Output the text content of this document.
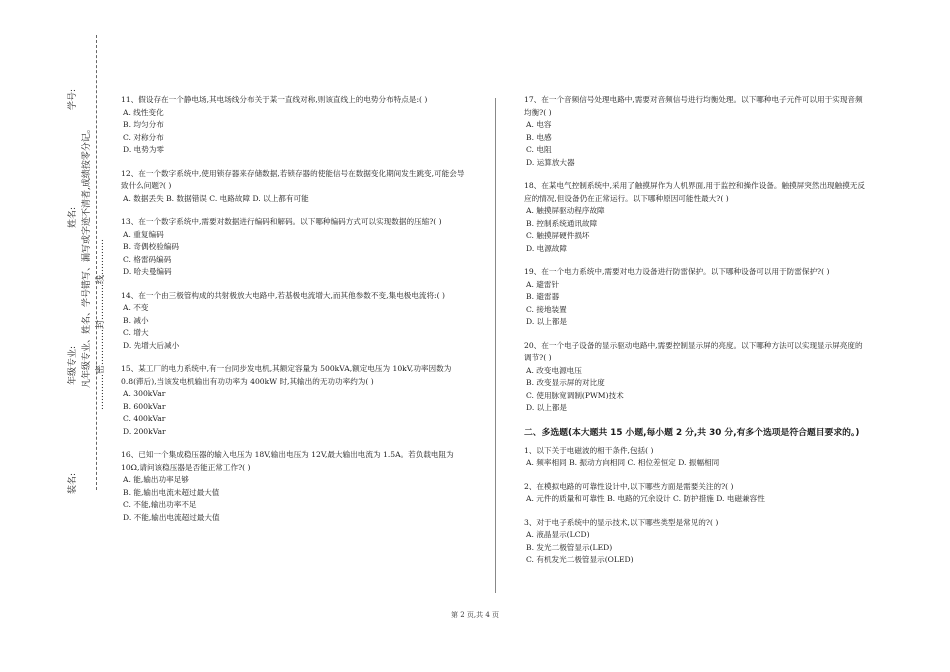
学号:
姓名:
年级专业:
装名:
凡年级专业、姓名、学号错写、漏写或字迹不清者,成绩按零分记。 …………密…………封…………线…………
11、假设存在一个静电场,其电场线分布关于某一直线对称,则该直线上的电势分布特点是:( )
A. 线性变化
B. 均匀分布
C. 对称分布
D. 电势为零
12、在一个数字系统中,使用锁存器来存储数据,若锁存器的使能信号在数据变化期间发生跳变,可能会导致什么问题?( )
A. 数据丢失 B. 数据错误 C. 电路故障 D. 以上都有可能
13、在一个数字系统中,需要对数据进行编码和解码。以下哪种编码方式可以实现数据的压缩?( )
A. 重复编码
B. 奇偶校验编码
C. 格雷码编码
D. 哈夫曼编码
14、在一个由三极管构成的共射极放大电路中,若基极电流增大,而其他参数不变,集电极电流将:( )
A. 不变
B. 减小
C. 增大
D. 先增大后减小
15、某工厂的电力系统中,有一台同步发电机,其额定容量为 500kVA,额定电压为 10kV,功率因数为 0.8(滞后),当该发电机输出有功功率为 400kW 时,其输出的无功功率约为( )
A. 300kVar
B. 600kVar
C. 400kVar
D. 200kVar
16、已知一个集成稳压器的输入电压为 18V,输出电压为 12V,最大输出电流为 1.5A。若负载电阻为 10Ω,请问该稳压器是否能正常工作?( )
A. 能,输出功率足够
B. 能,输出电流未超过最大值
C. 不能,输出功率不足
D. 不能,输出电流超过最大值
17、在一个音频信号处理电路中,需要对音频信号进行均衡处理。以下哪种电子元件可以用于实现音频均衡?( )
A. 电容
B. 电感
C. 电阻
D. 运算放大器
18、在某电气控制系统中,采用了触摸屏作为人机界面,用于监控和操作设备。触摸屏突然出现触摸无反应的情况,但设备仍在正常运行。以下哪种原因可能性最大?( )
A. 触摸屏驱动程序故障
B. 控制系统通讯故障
C. 触摸屏硬件损坏
D. 电源故障
19、在一个电力系统中,需要对电力设备进行防雷保护。以下哪种设备可以用于防雷保护?( )
A. 避雷针
B. 避雷器
C. 接地装置
D. 以上都是
20、在一个电子设备的显示驱动电路中,需要控制显示屏的亮度。以下哪种方法可以实现显示屏亮度的调节?( )
A. 改变电源电压
B. 改变显示屏的对比度
C. 使用脉宽调制(PWM)技术
D. 以上都是
二、多选题(本大题共 15 小题,每小题 2 分,共 30 分,有多个选项是符合题目要求的。)
1、以下关于电磁波的相干条件,包括( )
A. 频率相同 B. 振动方向相同 C. 相位差恒定 D. 振幅相同
2、在模拟电路的可靠性设计中,以下哪些方面是需要关注的?( )
A. 元件的质量和可靠性 B. 电路的冗余设计 C. 防护措施 D. 电磁兼容性
3、对于电子系统中的显示技术,以下哪些类型是常见的?( )
A. 液晶显示(LCD)
B. 发光二极管显示(LED)
C. 有机发光二极管显示(OLED)
第 2 页,共 4 页
